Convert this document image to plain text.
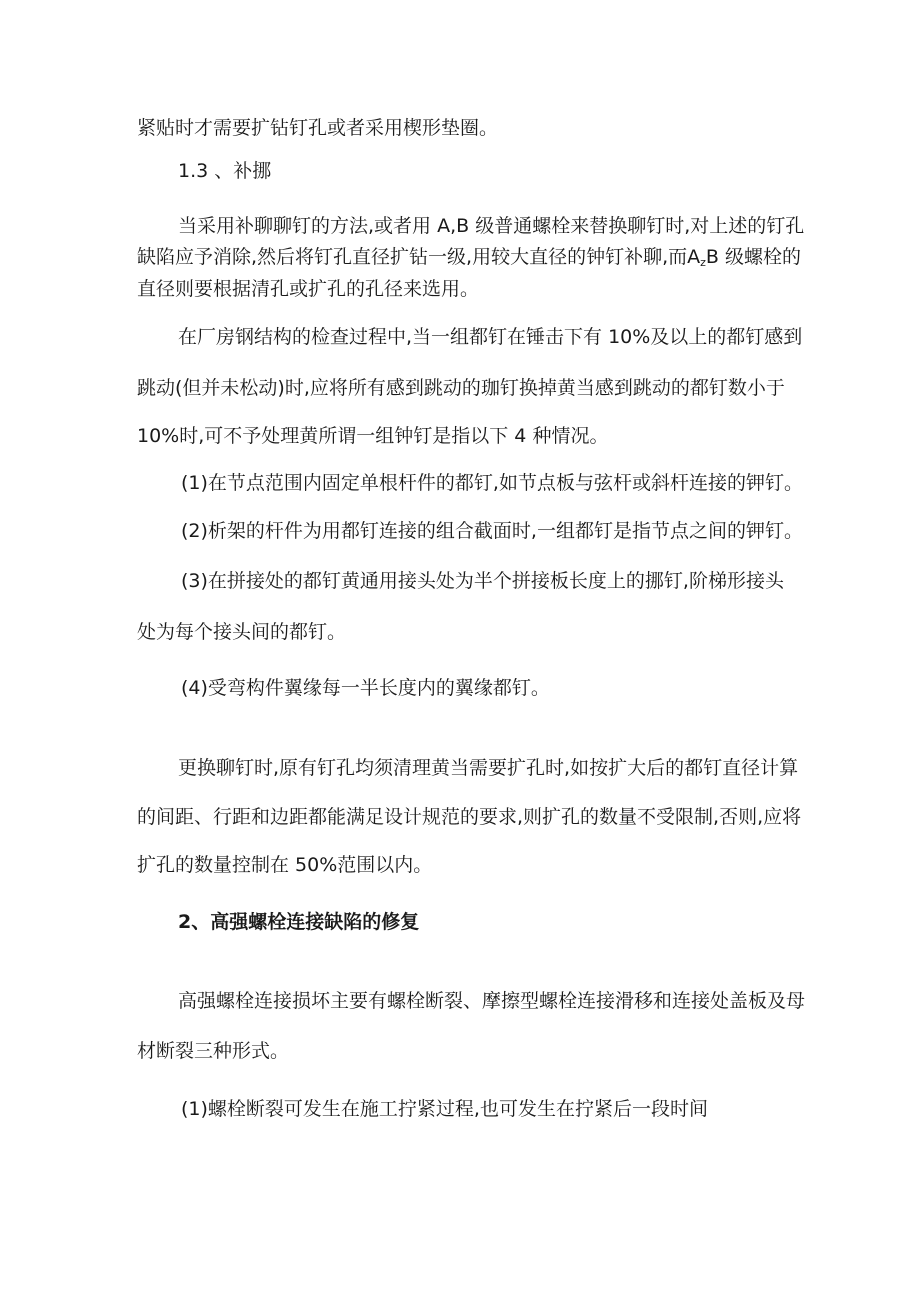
紧贴时才需要扩钻钉孔或者采用楔形垫圈。
1.3 、补挪
当采用补聊聊钉的方法,或者用 A,B 级普通螺栓来替换聊钉时,对上述的钉孔
缺陷应予消除,然后将钉孔直径扩钻一级,用较大直径的钟钉补聊,而$A_zB$ 级螺栓的
直径则要根据清孔或扩孔的孔径来选用。
在厂房钢结构的检查过程中,当一组都钉在锤击下有 10%及以上的都钉感到
跳动(但并未松动)时,应将所有感到跳动的珈钉换掉黄当感到跳动的都钉数小于
10%时,可不予处理黄所谓一组钟钉是指以下 4 种情况。
(1)在节点范围内固定单根杆件的都钉,如节点板与弦杆或斜杆连接的钾钉。
(2)析架的杆件为用都钉连接的组合截面时,一组都钉是指节点之间的钾钉。
(3)在拼接处的都钉黄通用接头处为半个拼接板长度上的挪钉,阶梯形接头
处为每个接头间的都钉。
(4)受弯构件翼缘每一半长度内的翼缘都钉。
更换聊钉时,原有钉孔均须清理黄当需要扩孔时,如按扩大后的都钉直径计算
的间距、行距和边距都能满足设计规范的要求,则扩孔的数量不受限制,否则,应将
扩孔的数量控制在 50%范围以内。
2、高强螺栓连接缺陷的修复
高强螺栓连接损坏主要有螺栓断裂、摩擦型螺栓连接滑移和连接处盖板及母
材断裂三种形式。
(1)螺栓断裂可发生在施工拧紧过程,也可发生在拧紧后一段时间
